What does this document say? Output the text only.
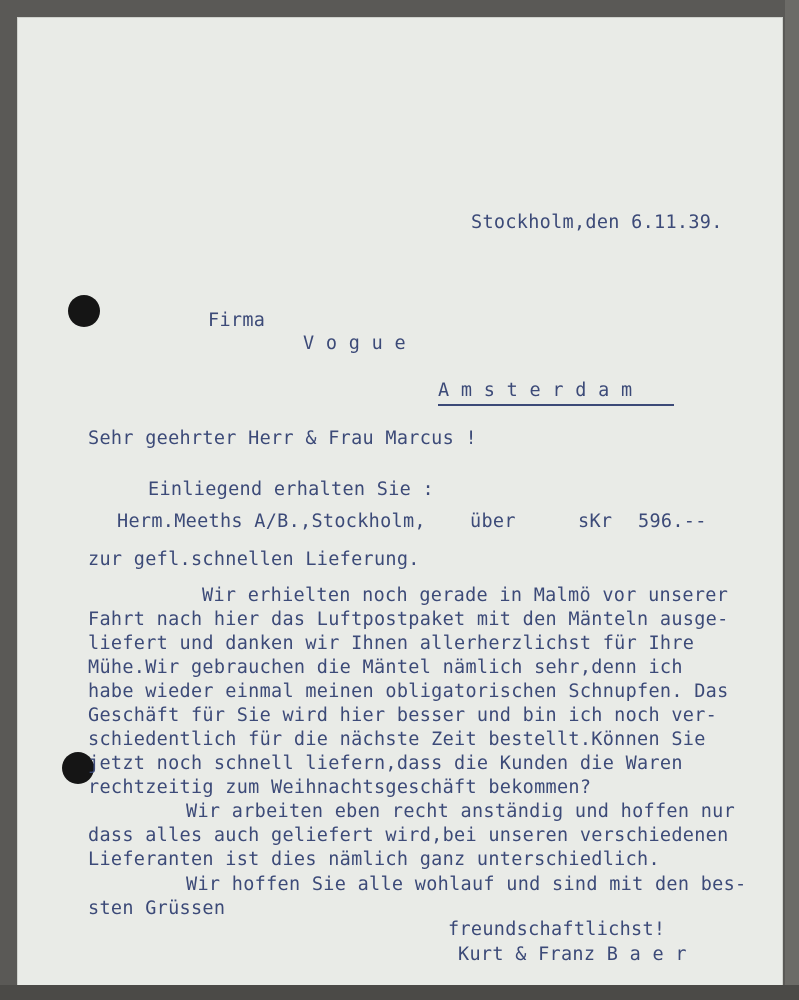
Stockholm,den 6.11.39.
Firma
V o g u e
A m s t e r d a m
Sehr geehrter Herr & Frau Marcus !
Einliegend erhalten Sie :
Herm.Meeths A/B.,Stockholm, über	sKr 596.--
zur gefl.schnellen Lieferung.
Wir erhielten noch gerade in Malmö vor unserer
Fahrt nach hier das Luftpostpaket mit den Mänteln ausge-
liefert und danken wir Ihnen allerherzlichst für Ihre
Mühe.Wir gebrauchen die Mäntel nämlich sehr,denn ich
habe wieder einmal meinen obligatorischen Schnupfen. Das
Geschäft für Sie wird hier besser und bin ich noch ver-
schiedentlich für die nächste Zeit bestellt.Können Sie
jetzt noch schnell liefern,dass die Kunden die Waren
rechtzeitig zum Weihnachtsgeschäft bekommen?
Wir arbeiten eben recht anständig und hoffen nur
dass alles auch geliefert wird,bei unseren verschiedenen
Lieferanten ist dies nämlich ganz unterschiedlich.
Wir hoffen Sie alle wohlauf und sind mit den bes-
sten Grüssen
freundschaftlichst!
Kurt & Franz B a e r
